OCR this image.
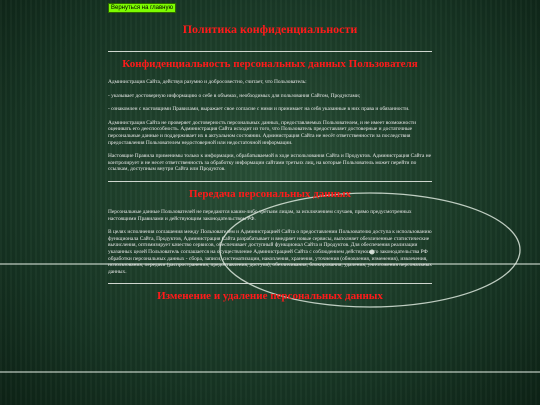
Вернуться на главную
Политика конфиденциальности
Конфиденциальность персональных данных Пользователя

Администрация Сайта, действуя разумно и добросовестно, считает, что Пользователь:

- указывает достоверную информацию о себе в объемах, необходимых для пользования Сайтом, Продуктами;

- ознакомлен с настоящими Правилами, выражает свое согласие с ними и принимает на себя указанные в них права и обязанности.

Администрация Сайта не проверяет достоверность персональных данных, предоставляемых Пользователем, и не имеет возможности оценивать его дееспособность. Администрация Сайта исходит из того, что Пользователь предоставляет достоверные и достаточные персональные данные и поддерживает их в актуальном состоянии. Администрация Сайта не несёт ответственности за последствия предоставления Пользователем недостоверной или недостаточной информации.

Настоящие Правила применимы только к информации, обрабатываемой в ходе использования Сайта и Продуктов. Администрация Сайта не контролирует и не несет ответственность за обработку информации сайтами третьих лиц, на которые Пользователь может перейти по ссылкам, доступным внутри Сайта или Продуктов.

Передача персональных данных

Персональные данные Пользователей не передаются каким-либо третьим лицам, за исключением случаев, прямо предусмотренных настоящими Правилами и действующим законодательством РФ.

В целях исполнения соглашения между Пользователем и Администрацией Сайта о предоставлении Пользователю доступа к использованию функционала Сайта, Продуктов, Администрация Сайта разрабатывает и внедряет новые сервисы, выполняет обезличенные статистические вычисления, оптимизирует качество сервисов, обеспечивает доступный функционал Сайта и Продуктов. Для обеспечения реализации указанных целей Пользователь соглашается на осуществление Администрацией Сайта с соблюдением действующего законодательства РФ обработки персональных данных - сбора, записи, систематизации, накопления, хранения, уточнения (обновления, изменения), извлечения, использования, передачи (распространения, предоставления, доступа), обезличивания, блокирования, удаления, уничтожения персональных данных.

Изменение и удаление персональных данных
